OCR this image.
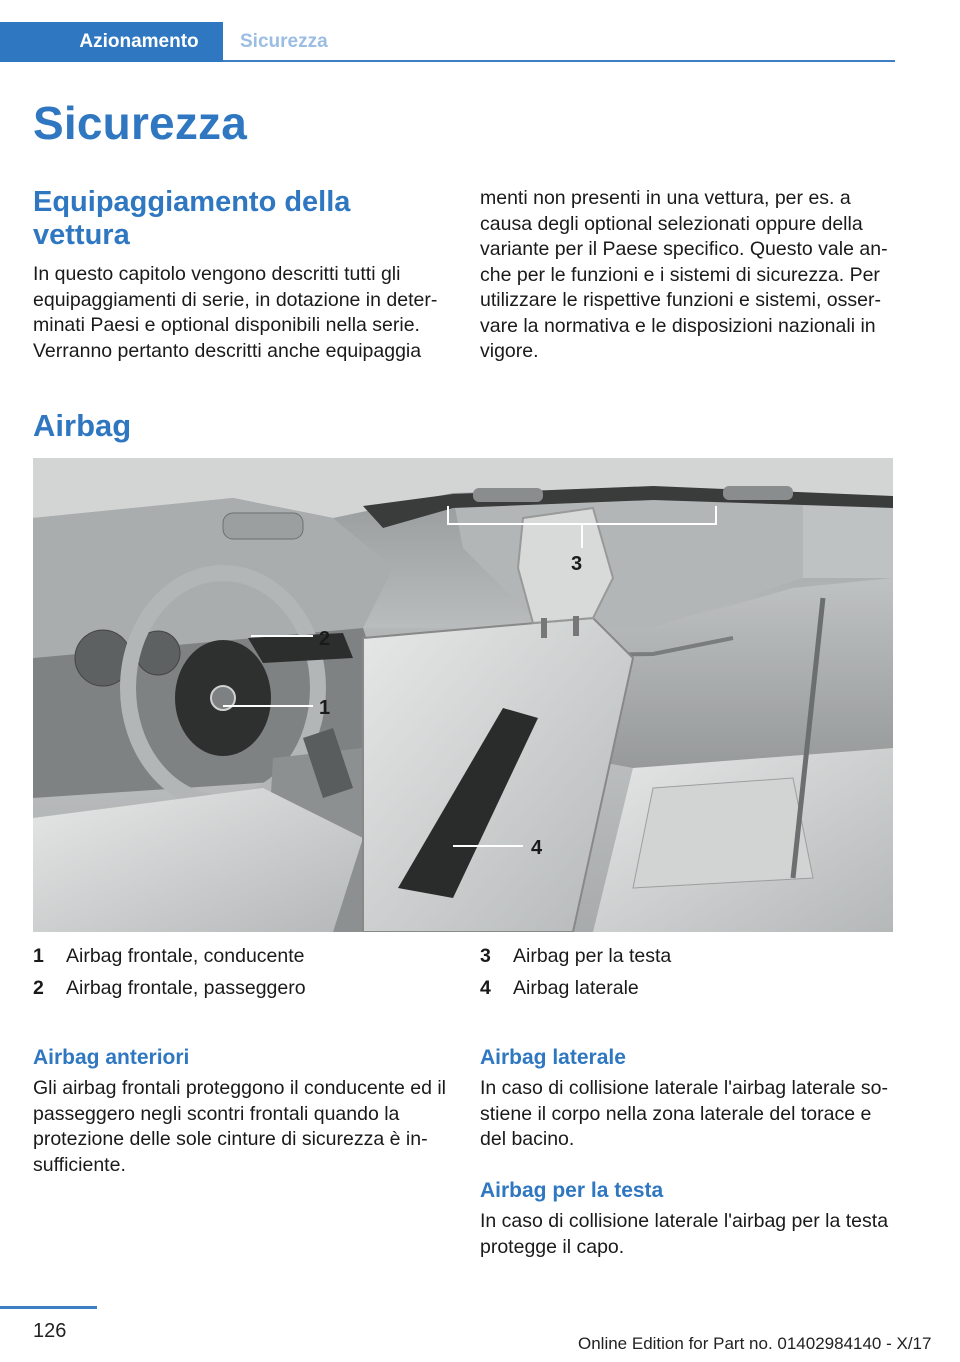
Azionamento	Sicurezza
Sicurezza
Equipaggiamento della vettura
In questo capitolo vengono descritti tutti gli equipaggiamenti di serie, in dotazione in determinati Paesi e optional disponibili nella serie. Verranno pertanto descritti anche equipaggia
menti non presenti in una vettura, per es. a causa degli optional selezionati oppure della variante per il Paese specifico. Questo vale anche per le funzioni e i sistemi di sicurezza. Per utilizzare le rispettive funzioni e sistemi, osservare la normativa e le disposizioni nazionali in vigore.
Airbag
3
2
1
4
1	Airbag frontale, conducente
2	Airbag frontale, passeggero
3	Airbag per la testa
4	Airbag laterale
Airbag anteriori
Gli airbag frontali proteggono il conducente ed il passeggero negli scontri frontali quando la protezione delle sole cinture di sicurezza è insufficiente.
Airbag laterale
In caso di collisione laterale l'airbag laterale sostiene il corpo nella zona laterale del torace e del bacino.
Airbag per la testa
In caso di collisione laterale l'airbag per la testa protegge il capo.
126
Online Edition for Part no. 01402984140 - X/17
